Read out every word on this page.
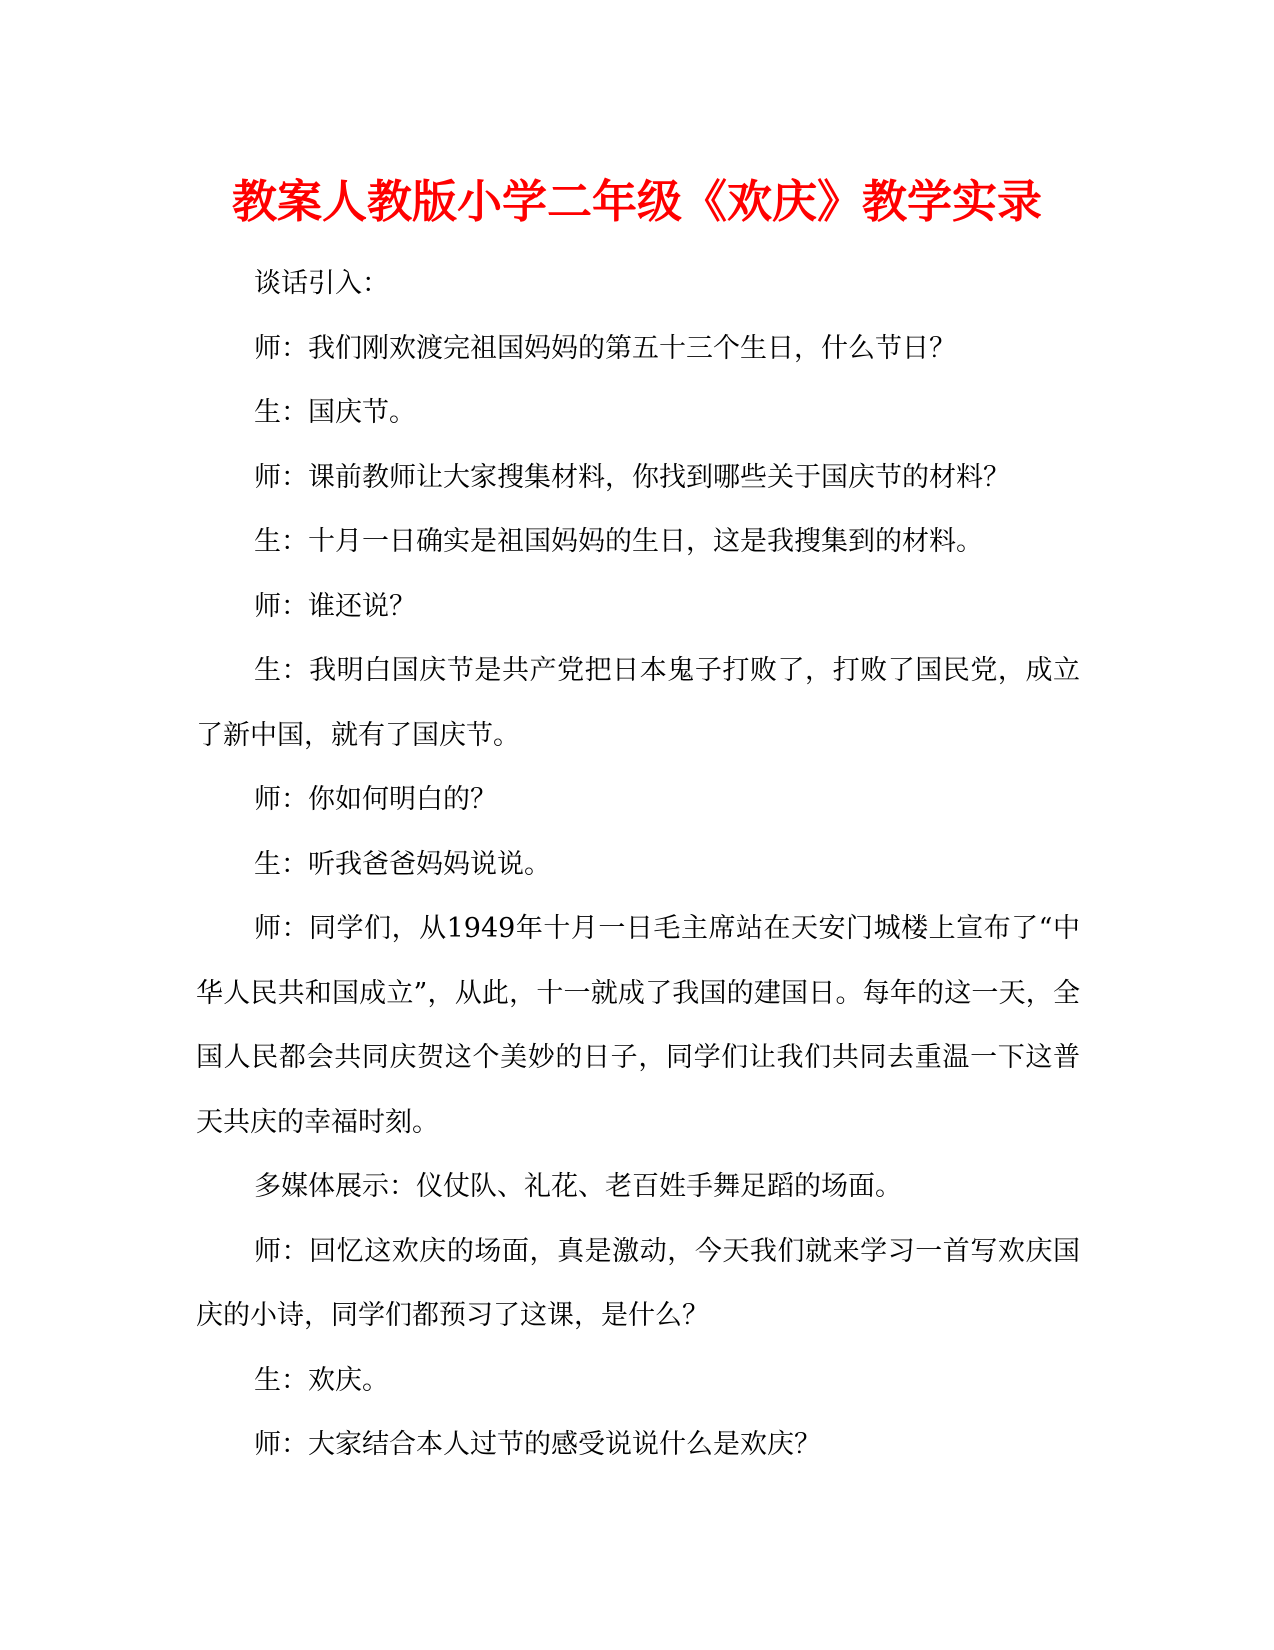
教案人教版小学二年级《欢庆》教学实录

谈话引入：

师：我们刚欢渡完祖国妈妈的第五十三个生日，什么节日？

生：国庆节。

师：课前教师让大家搜集材料，你找到哪些关于国庆节的材料？

生：十月一日确实是祖国妈妈的生日，这是我搜集到的材料。

师：谁还说？

生：我明白国庆节是共产党把日本鬼子打败了，打败了国民党，成立了新中国，就有了国庆节。

师：你如何明白的？

生：听我爸爸妈妈说说。

师：同学们，从1949年十月一日毛主席站在天安门城楼上宣布了“中华人民共和国成立”，从此，十一就成了我国的建国日。每年的这一天，全国人民都会共同庆贺这个美妙的日子，同学们让我们共同去重温一下这普天共庆的幸福时刻。

多媒体展示：仪仗队、礼花、老百姓手舞足蹈的场面。

师：回忆这欢庆的场面，真是激动，今天我们就来学习一首写欢庆国庆的小诗，同学们都预习了这课，是什么？

生：欢庆。

师：大家结合本人过节的感受说说什么是欢庆？
